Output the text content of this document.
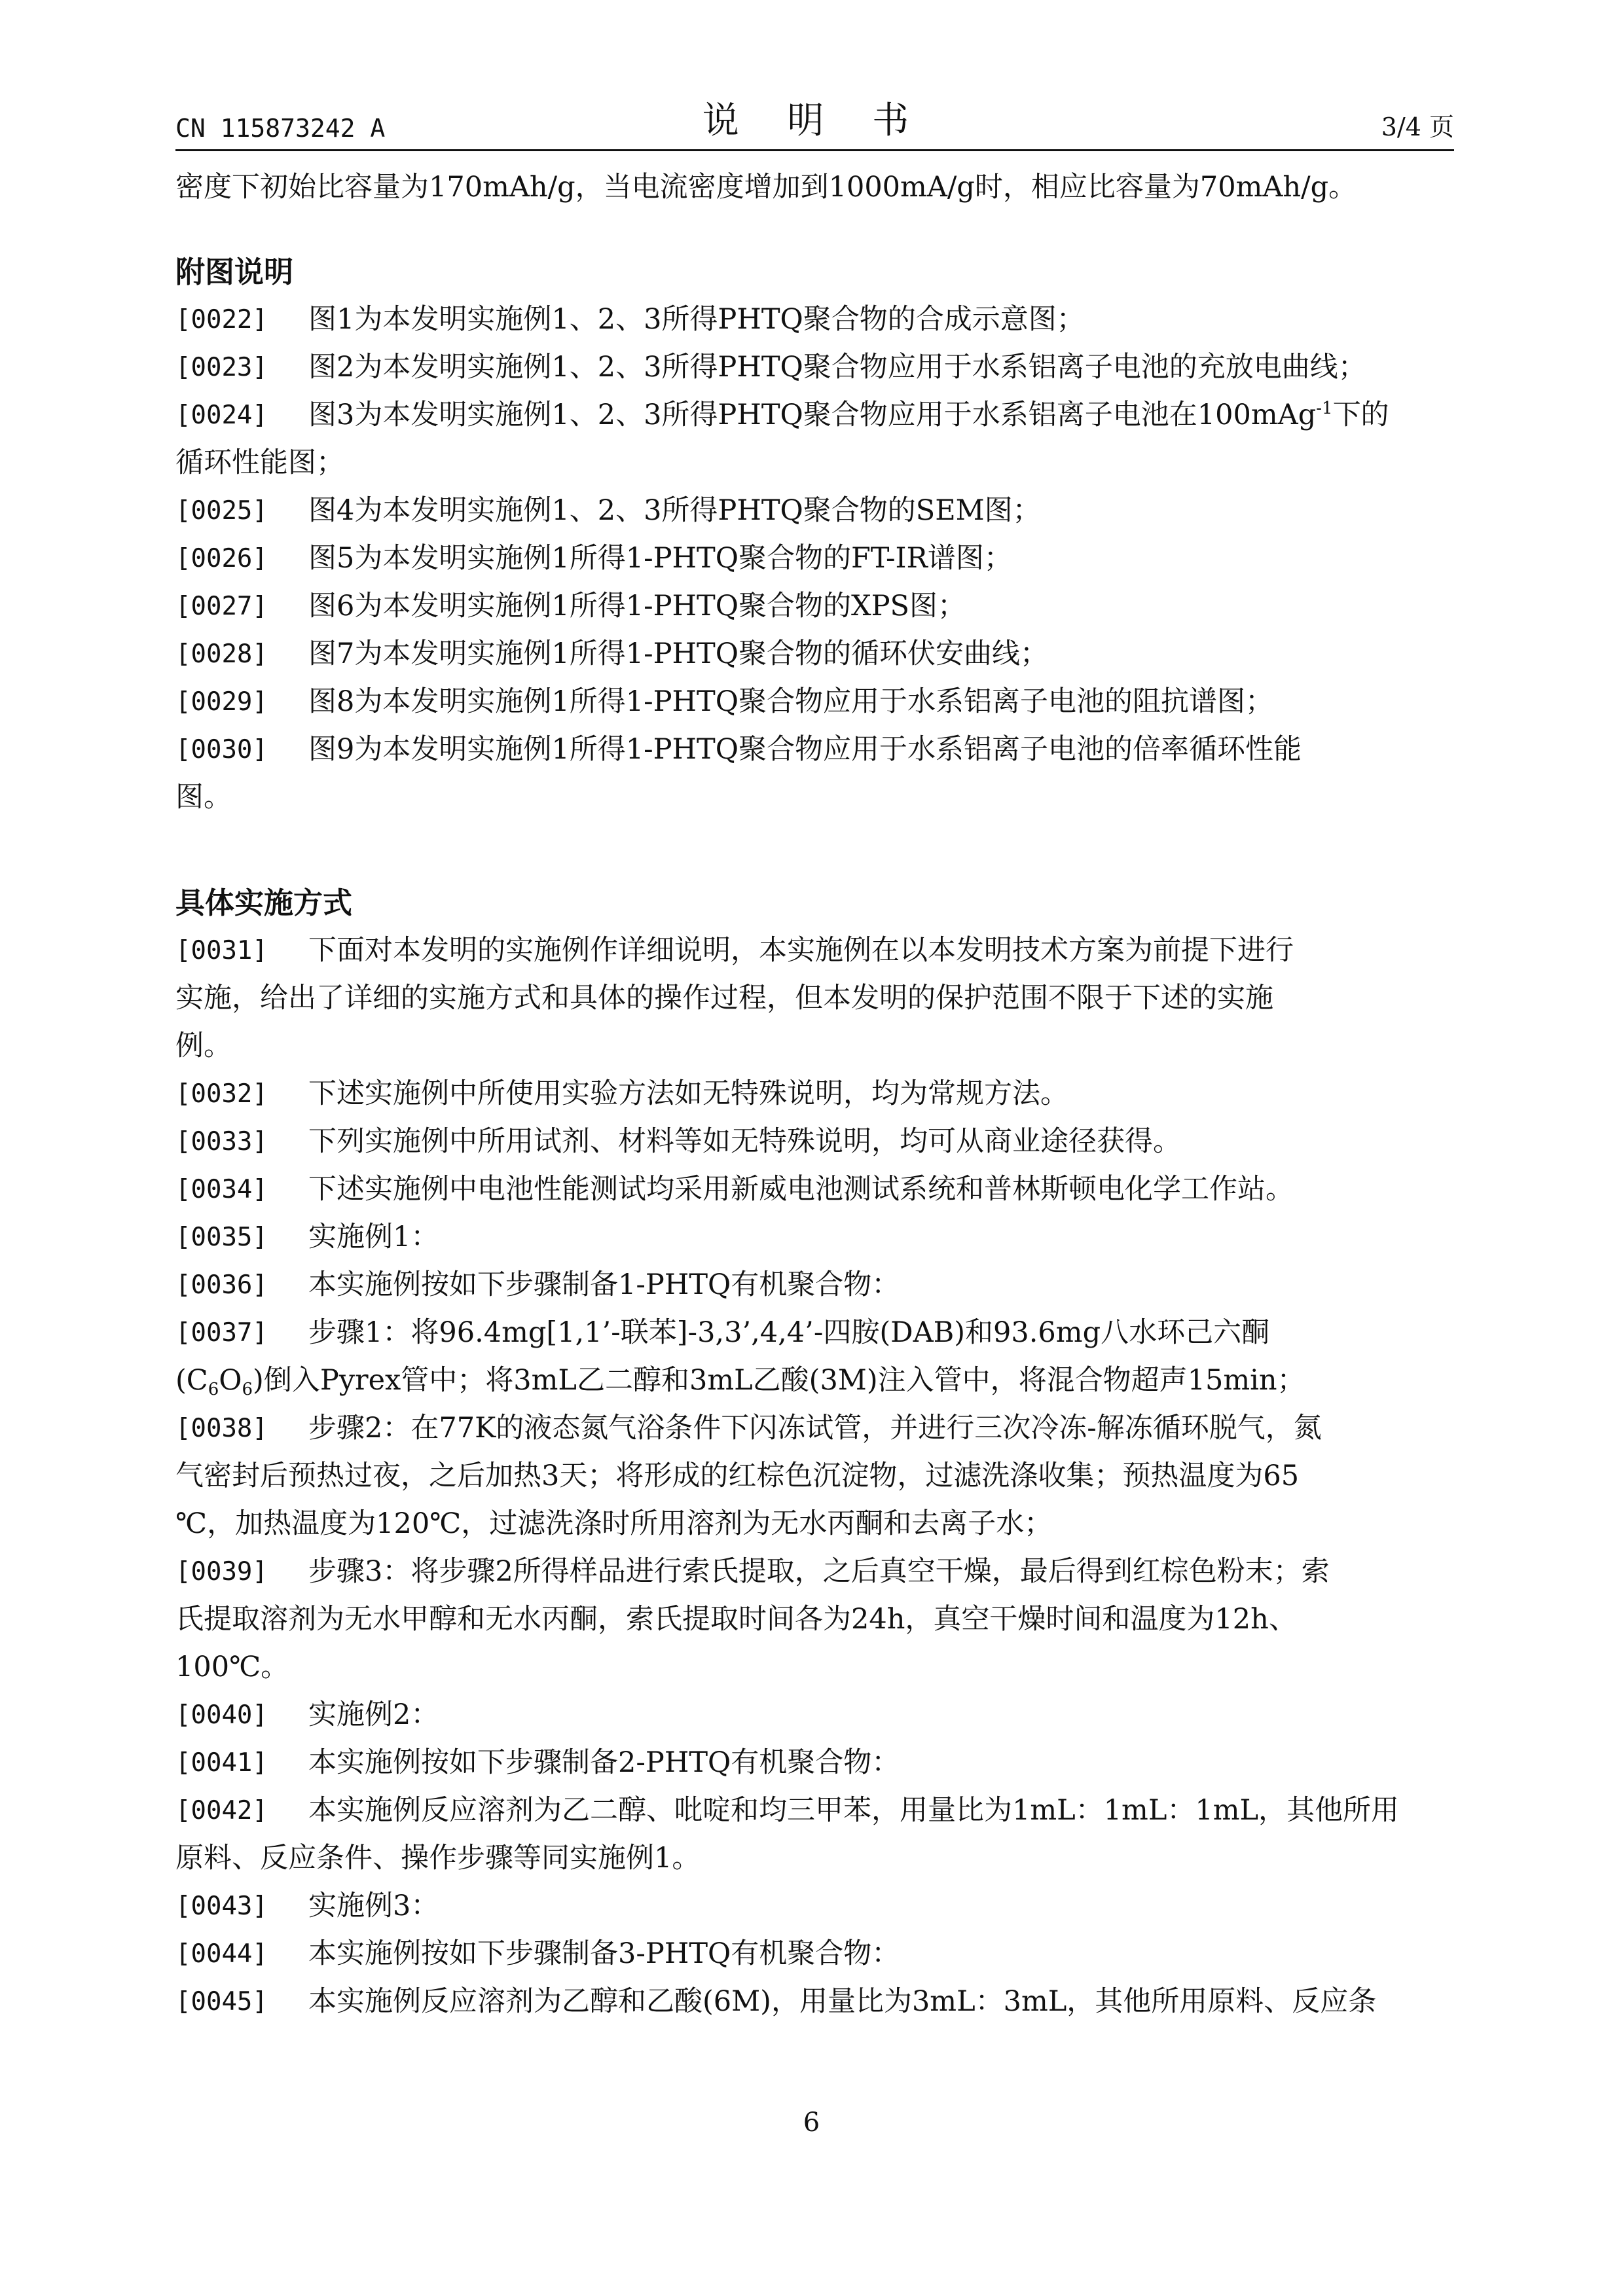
CN 115873242 A	说 明 书	3/4 页

密度下初始比容量为170mAh/g，当电流密度增加到1000mA/g时，相应比容量为70mAh/g。

附图说明

[0022] 图1为本发明实施例1、2、3所得PHTQ聚合物的合成示意图；
[0023] 图2为本发明实施例1、2、3所得PHTQ聚合物应用于水系铝离子电池的充放电曲线；
[0024] 图3为本发明实施例1、2、3所得PHTQ聚合物应用于水系铝离子电池在100mAg$^{-1}$下的
循环性能图；
[0025] 图4为本发明实施例1、2、3所得PHTQ聚合物的SEM图；
[0026] 图5为本发明实施例1所得1-PHTQ聚合物的FT-IR谱图；
[0027] 图6为本发明实施例1所得1-PHTQ聚合物的XPS图；
[0028] 图7为本发明实施例1所得1-PHTQ聚合物的循环伏安曲线；
[0029] 图8为本发明实施例1所得1-PHTQ聚合物应用于水系铝离子电池的阻抗谱图；
[0030] 图9为本发明实施例1所得1-PHTQ聚合物应用于水系铝离子电池的倍率循环性能
图。

具体实施方式

[0031] 下面对本发明的实施例作详细说明，本实施例在以本发明技术方案为前提下进行
实施，给出了详细的实施方式和具体的操作过程，但本发明的保护范围不限于下述的实施
例。
[0032] 下述实施例中所使用实验方法如无特殊说明，均为常规方法。
[0033] 下列实施例中所用试剂、材料等如无特殊说明，均可从商业途径获得。
[0034] 下述实施例中电池性能测试均采用新威电池测试系统和普林斯顿电化学工作站。
[0035] 实施例1：
[0036] 本实施例按如下步骤制备1-PHTQ有机聚合物：
[0037] 步骤1：将96.4mg[1,1’-联苯]-3,3’,4,4’-四胺(DAB)和93.6mg八水环己六酮
$(C_6O_6)$倒入Pyrex管中；将3mL乙二醇和3mL乙酸(3M)注入管中，将混合物超声15min；
[0038] 步骤2：在77K的液态氮气浴条件下闪冻试管，并进行三次冷冻-解冻循环脱气，氮
气密封后预热过夜，之后加热3天；将形成的红棕色沉淀物，过滤洗涤收集；预热温度为65
℃，加热温度为120℃，过滤洗涤时所用溶剂为无水丙酮和去离子水；
[0039] 步骤3：将步骤2所得样品进行索氏提取，之后真空干燥，最后得到红棕色粉末；索
氏提取溶剂为无水甲醇和无水丙酮，索氏提取时间各为24h，真空干燥时间和温度为12h、
100℃。
[0040] 实施例2：
[0041] 本实施例按如下步骤制备2-PHTQ有机聚合物：
[0042] 本实施例反应溶剂为乙二醇、吡啶和均三甲苯，用量比为1mL：1mL：1mL，其他所用
原料、反应条件、操作步骤等同实施例1。
[0043] 实施例3：
[0044] 本实施例按如下步骤制备3-PHTQ有机聚合物：
[0045] 本实施例反应溶剂为乙醇和乙酸(6M)，用量比为3mL：3mL，其他所用原料、反应条
6
